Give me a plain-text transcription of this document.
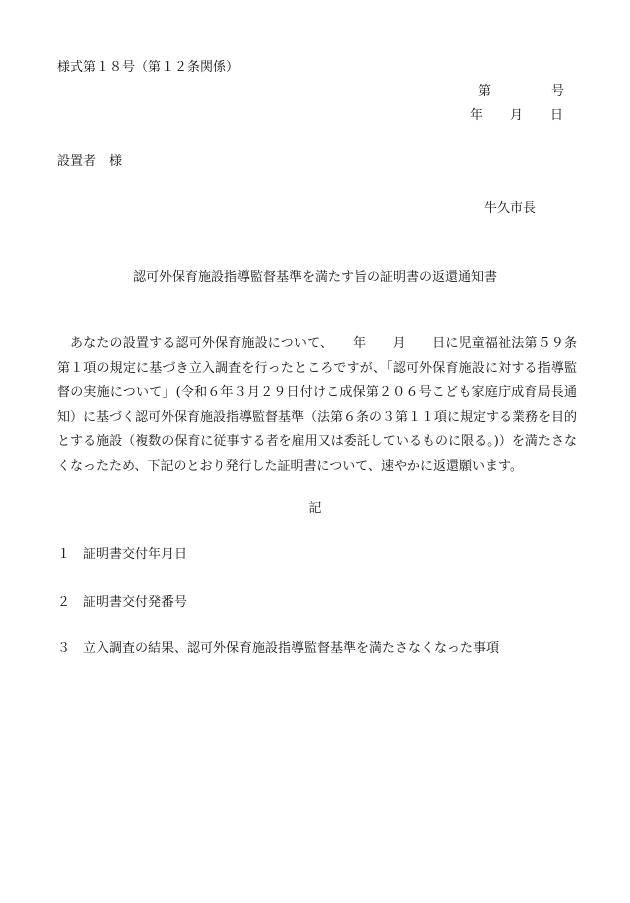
様式第１８号（第１２条関係）
第	号
年 月 日
設置者　様
牛久市長
認可外保育施設指導監督基準を満たす旨の証明書の返還通知書

あなたの設置する認可外保育施設について、　　年　　月　　日に児童福祉法第５９条第１項の規定に基づき立入調査を行ったところですが、「認可外保育施設に対する指導監督の実施について」(令和６年３月２９日付けこ成保第２０６号こども家庭庁成育局長通知）に基づく認可外保育施設指導監督基準（法第６条の３第１１項に規定する業務を目的とする施設（複数の保育に従事する者を雇用又は委託しているものに限る。)）を満たさなくなったため、下記のとおり発行した証明書について、速やかに返還願います。

記
１ 証明書交付年月日
２ 証明書交付発番号
３ 立入調査の結果、認可外保育施設指導監督基準を満たさなくなった事項
